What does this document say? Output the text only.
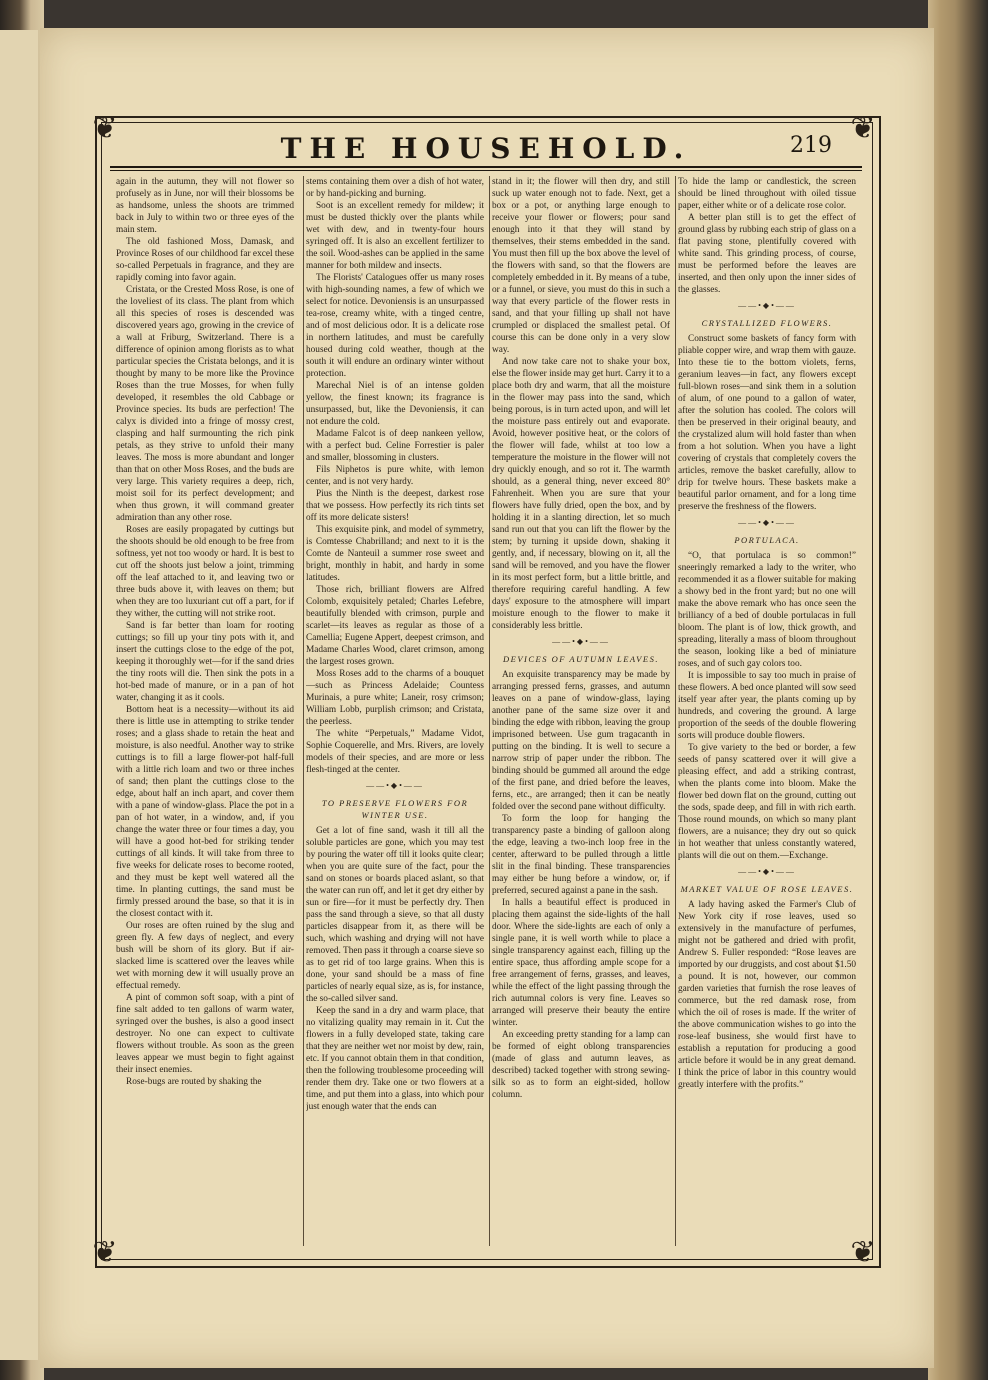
❦	❦
❦	❦
THE HOUSEHOLD.	219

again in the autumn, they will not flower so profusely as in June, nor will their blossoms be as handsome, unless the shoots are trimmed back in July to within two or three eyes of the main stem.

The old fashioned Moss, Damask, and Province Roses of our childhood far excel these so-called Perpetuals in fragrance, and they are rapidly coming into favor again.

Cristata, or the Crested Moss Rose, is one of the loveliest of its class. The plant from which all this species of roses is descended was discovered years ago, growing in the crevice of a wall at Friburg, Switzerland. There is a difference of opinion among florists as to what particular species the Cristata belongs, and it is thought by many to be more like the Province Roses than the true Mosses, for when fully developed, it resembles the old Cabbage or Province species. Its buds are perfection! The calyx is divided into a fringe of mossy crest, clasping and half surmounting the rich pink petals, as they strive to unfold their many leaves. The moss is more abundant and longer than that on other Moss Roses, and the buds are very large. This variety requires a deep, rich, moist soil for its perfect development; and when thus grown, it will command greater admiration than any other rose.

Roses are easily propagated by cuttings but the shoots should be old enough to be free from softness, yet not too woody or hard. It is best to cut off the shoots just below a joint, trimming off the leaf attached to it, and leaving two or three buds above it, with leaves on them; but when they are too luxuriant cut off a part, for if they wither, the cutting will not strike root.

Sand is far better than loam for rooting cuttings; so fill up your tiny pots with it, and insert the cuttings close to the edge of the pot, keeping it thoroughly wet—for if the sand dries the tiny roots will die. Then sink the pots in a hot-bed made of manure, or in a pan of hot water, changing it as it cools.

Bottom heat is a necessity—without its aid there is little use in attempting to strike tender roses; and a glass shade to retain the heat and moisture, is also needful. Another way to strike cuttings is to fill a large flower-pot half-full with a little rich loam and two or three inches of sand; then plant the cuttings close to the edge, about half an inch apart, and cover them with a pane of window-glass. Place the pot in a pan of hot water, in a window, and, if you change the water three or four times a day, you will have a good hot-bed for striking tender cuttings of all kinds. It will take from three to five weeks for delicate roses to become rooted, and they must be kept well watered all the time. In planting cuttings, the sand must be firmly pressed around the base, so that it is in the closest contact with it.

Our roses are often ruined by the slug and green fly. A few days of neglect, and every bush will be shorn of its glory. But if air-slacked lime is scattered over the leaves while wet with morning dew it will usually prove an effectual remedy.

A pint of common soft soap, with a pint of fine salt added to ten gallons of warm water, syringed over the bushes, is also a good insect destroyer. No one can expect to cultivate flowers without trouble. As soon as the green leaves appear we must begin to fight against their insect enemies.

Rose-bugs are routed by shaking the

stems containing them over a dish of hot water, or by hand-picking and burning.

Soot is an excellent remedy for mildew; it must be dusted thickly over the plants while wet with dew, and in twenty-four hours syringed off. It is also an excellent fertilizer to the soil. Wood-ashes can be applied in the same manner for both mildew and insects.

The Florists' Catalogues offer us many roses with high-sounding names, a few of which we select for notice. Devoniensis is an unsurpassed tea-rose, creamy white, with a tinged centre, and of most delicious odor. It is a delicate rose in northern latitudes, and must be carefully housed during cold weather, though at the south it will endure an ordinary winter without protection.

Marechal Niel is of an intense golden yellow, the finest known; its fragrance is unsurpassed, but, like the Devoniensis, it can not endure the cold.

Madame Falcot is of deep nankeen yellow, with a perfect bud. Celine Forrestier is paler and smaller, blossoming in clusters.

Fils Niphetos is pure white, with lemon center, and is not very hardy.

Pius the Ninth is the deepest, darkest rose that we possess. How perfectly its rich tints set off its more delicate sisters!

This exquisite pink, and model of symmetry, is Comtesse Chabrilland; and next to it is the Comte de Nanteuil a summer rose sweet and bright, monthly in habit, and hardy in some latitudes.

Those rich, brilliant flowers are Alfred Colomb, exquisitely petaled; Charles Lefebre, beautifully blended with crimson, purple and scarlet—its leaves as regular as those of a Camellia; Eugene Appert, deepest crimson, and Madame Charles Wood, claret crimson, among the largest roses grown.

Moss Roses add to the charms of a bouquet—such as Princess Adelaide; Countess Murinais, a pure white; Laneir, rosy crimson; William Lobb, purplish crimson; and Cristata, the peerless.

The white “Perpetuals,” Madame Vidot, Sophie Coquerelle, and Mrs. Rivers, are lovely models of their species, and are more or less flesh-tinged at the center.

——•◆•——

TO PRESERVE FLOWERS FOR WINTER USE.

Get a lot of fine sand, wash it till all the soluble particles are gone, which you may test by pouring the water off till it looks quite clear; when you are quite sure of the fact, pour the sand on stones or boards placed aslant, so that the water can run off, and let it get dry either by sun or fire—for it must be perfectly dry. Then pass the sand through a sieve, so that all dusty particles disappear from it, as there will be such, which washing and drying will not have removed. Then pass it through a coarse sieve so as to get rid of too large grains. When this is done, your sand should be a mass of fine particles of nearly equal size, as is, for instance, the so-called silver sand.

Keep the sand in a dry and warm place, that no vitalizing quality may remain in it. Cut the flowers in a fully developed state, taking care that they are neither wet nor moist by dew, rain, etc. If you cannot obtain them in that condition, then the following troublesome proceeding will render them dry. Take one or two flowers at a time, and put them into a glass, into which pour just enough water that the ends can

stand in it; the flower will then dry, and still suck up water enough not to fade. Next, get a box or a pot, or anything large enough to receive your flower or flowers; pour sand enough into it that they will stand by themselves, their stems embedded in the sand. You must then fill up the box above the level of the flowers with sand, so that the flowers are completely embedded in it. By means of a tube, or a funnel, or sieve, you must do this in such a way that every particle of the flower rests in sand, and that your filling up shall not have crumpled or displaced the smallest petal. Of course this can be done only in a very slow way.

And now take care not to shake your box, else the flower inside may get hurt. Carry it to a place both dry and warm, that all the moisture in the flower may pass into the sand, which being porous, is in turn acted upon, and will let the moisture pass entirely out and evaporate. Avoid, however positive heat, or the colors of the flower will fade, whilst at too low a temperature the moisture in the flower will not dry quickly enough, and so rot it. The warmth should, as a general thing, never exceed 80° Fahrenheit. When you are sure that your flowers have fully dried, open the box, and by holding it in a slanting direction, let so much sand run out that you can lift the flower by the stem; by turning it upside down, shaking it gently, and, if necessary, blowing on it, all the sand will be removed, and you have the flower in its most perfect form, but a little brittle, and therefore requiring careful handling. A few days' exposure to the atmosphere will impart moisture enough to the flower to make it considerably less brittle.

——•◆•——

DEVICES OF AUTUMN LEAVES.

An exquisite transparency may be made by arranging pressed ferns, grasses, and autumn leaves on a pane of window-glass, laying another pane of the same size over it and binding the edge with ribbon, leaving the group imprisoned between. Use gum tragacanth in putting on the binding. It is well to secure a narrow strip of paper under the ribbon. The binding should be gummed all around the edge of the first pane, and dried before the leaves, ferns, etc., are arranged; then it can be neatly folded over the second pane without difficulty.

To form the loop for hanging the transparency paste a binding of galloon along the edge, leaving a two-inch loop free in the center, afterward to be pulled through a little slit in the final binding. These transparencies may either be hung before a window, or, if preferred, secured against a pane in the sash.

In halls a beautiful effect is produced in placing them against the side-lights of the hall door. Where the side-lights are each of only a single pane, it is well worth while to place a single transparency against each, filling up the entire space, thus affording ample scope for a free arrangement of ferns, grasses, and leaves, while the effect of the light passing through the rich autumnal colors is very fine. Leaves so arranged will preserve their beauty the entire winter.

An exceeding pretty standing for a lamp can be formed of eight oblong transparencies (made of glass and autumn leaves, as described) tacked together with strong sewing-silk so as to form an eight-sided, hollow column.

To hide the lamp or candlestick, the screen should be lined throughout with oiled tissue paper, either white or of a delicate rose color.

A better plan still is to get the effect of ground glass by rubbing each strip of glass on a flat paving stone, plentifully covered with white sand. This grinding process, of course, must be performed before the leaves are inserted, and then only upon the inner sides of the glasses.

——•◆•——

CRYSTALLIZED FLOWERS.

Construct some baskets of fancy form with pliable copper wire, and wrap them with gauze. Into these tie to the bottom violets, ferns, geranium leaves—in fact, any flowers except full-blown roses—and sink them in a solution of alum, of one pound to a gallon of water, after the solution has cooled. The colors will then be preserved in their original beauty, and the crystalized alum will hold faster than when from a hot solution. When you have a light covering of crystals that completely covers the articles, remove the basket carefully, allow to drip for twelve hours. These baskets make a beautiful parlor ornament, and for a long time preserve the freshness of the flowers.

——•◆•——

PORTULACA.

“O, that portulaca is so common!” sneeringly remarked a lady to the writer, who recommended it as a flower suitable for making a showy bed in the front yard; but no one will make the above remark who has once seen the brilliancy of a bed of double portulacas in full bloom. The plant is of low, thick growth, and spreading, literally a mass of bloom throughout the season, looking like a bed of miniature roses, and of such gay colors too.

It is impossible to say too much in praise of these flowers. A bed once planted will sow seed itself year after year, the plants coming up by hundreds, and covering the ground. A large proportion of the seeds of the double flowering sorts will produce double flowers.

To give variety to the bed or border, a few seeds of pansy scattered over it will give a pleasing effect, and add a striking contrast, when the plants come into bloom. Make the flower bed down flat on the ground, cutting out the sods, spade deep, and fill in with rich earth. Those round mounds, on which so many plant flowers, are a nuisance; they dry out so quick in hot weather that unless constantly watered, plants will die out on them.—Exchange.

——•◆•——

MARKET VALUE OF ROSE LEAVES.

A lady having asked the Farmer's Club of New York city if rose leaves, used so extensively in the manufacture of perfumes, might not be gathered and dried with profit, Andrew S. Fuller responded: “Rose leaves are imported by our druggists, and cost about $1.50 a pound. It is not, however, our common garden varieties that furnish the rose leaves of commerce, but the red damask rose, from which the oil of roses is made. If the writer of the above communication wishes to go into the rose-leaf business, she would first have to establish a reputation for producing a good article before it would be in any great demand. I think the price of labor in this country would greatly interfere with the profits.”
